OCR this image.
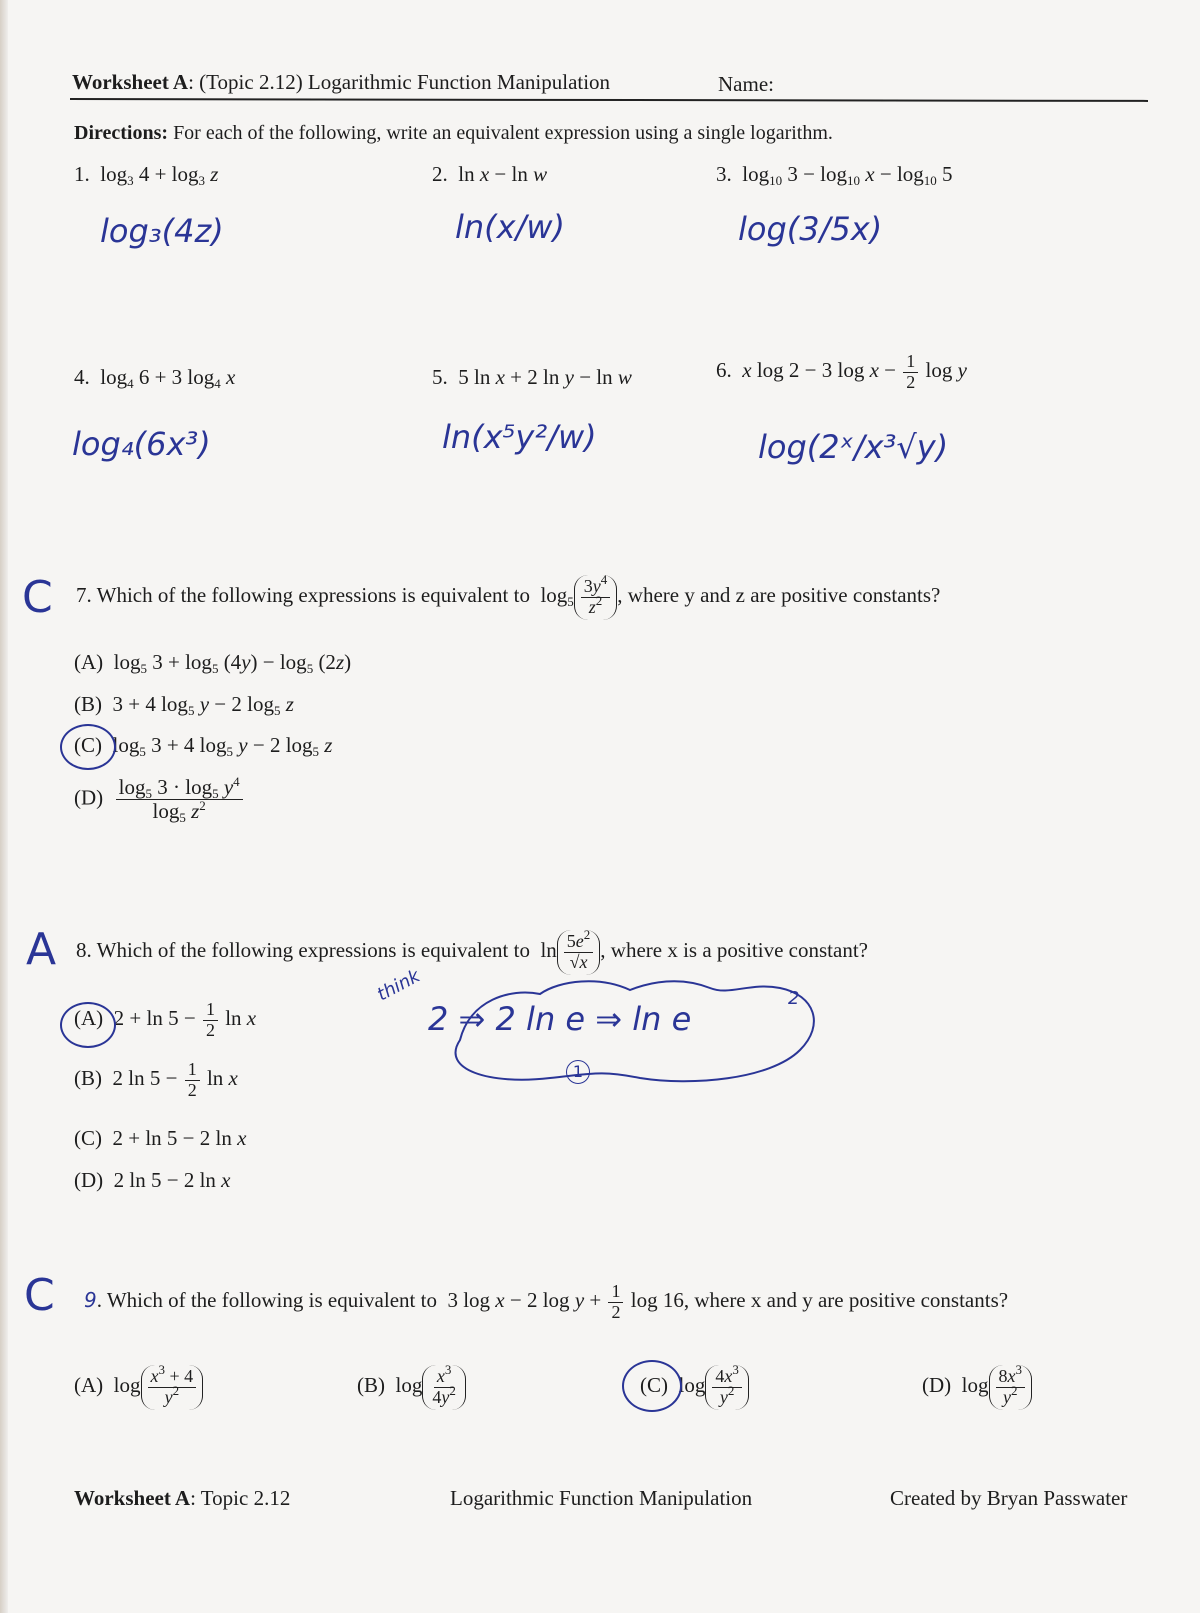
Worksheet A: (Topic 2.12) Logarithmic Function Manipulation	Name:
Directions: For each of the following, write an equivalent expression using a single logarithm.
1.  $\log_3 4 + \log_3 z$	2.  ln x − ln w	3.  $\log_{10} 3 - \log_{10} x - \log_{10} 5$
log₃(4z)	ln(x/w)	log(3/5x)
4.  $\log_4 6 + 3$ $\log_4 x$	5.  5 ln x + 2 ln y − ln w	6. x log 2 − 3 $\log x - \frac{1}{2}$ log y
log₄(6x³)	ln(x⁵y²/w)	log(2ˣ/x³√y)
C 7. Which of the following expressions is equivalent to  $\log_5 \frac{3y^4}{z^2}$ , where y and z are positive constants?
(A)  $\log_5 3 + \log_5 (4y) - \log_5 (2z)$
(B)  3 + 4 $\log_5 y - 2$ $\log_5 z$
(C)  $\log_5 3 + 4$ $\log_5 y - 2$ $\log_5 z$
$(D) \frac{\log_5 3 \cdot \log_5 y^4}{\log_5 z^2}$
A 8. Which of the following expressions is equivalent to  $\ln \frac{5e^2}{√x}$ , where x is a positive constant?
(A)  $2 + \ln 5 - \frac{1}{2}$ ln x
(B)  2 $\ln 5 - \frac{1}{2}$ ln x
(C)  2 + ln 5 − 2 ln x
(D)  2 ln 5 − 2 ln x
think
2 ⇒ 2 ln e ⇒ ln e
2
1
C 9. Which of the following is equivalent to  3 log x − 2 $\log y + \frac{1}{2}$ log 16, where x and y are positive constants?
(A)  $\log \frac{x^3 + 4}{y^2}$	(B)  $\log \frac{x^3}{4y^2}$	(C)  $\log \frac{4x^3}{y^2}$	(D)  $\log \frac{8x^3}{y^2}$
Worksheet A: Topic 2.12	Logarithmic Function Manipulation	Created by Bryan Passwater
